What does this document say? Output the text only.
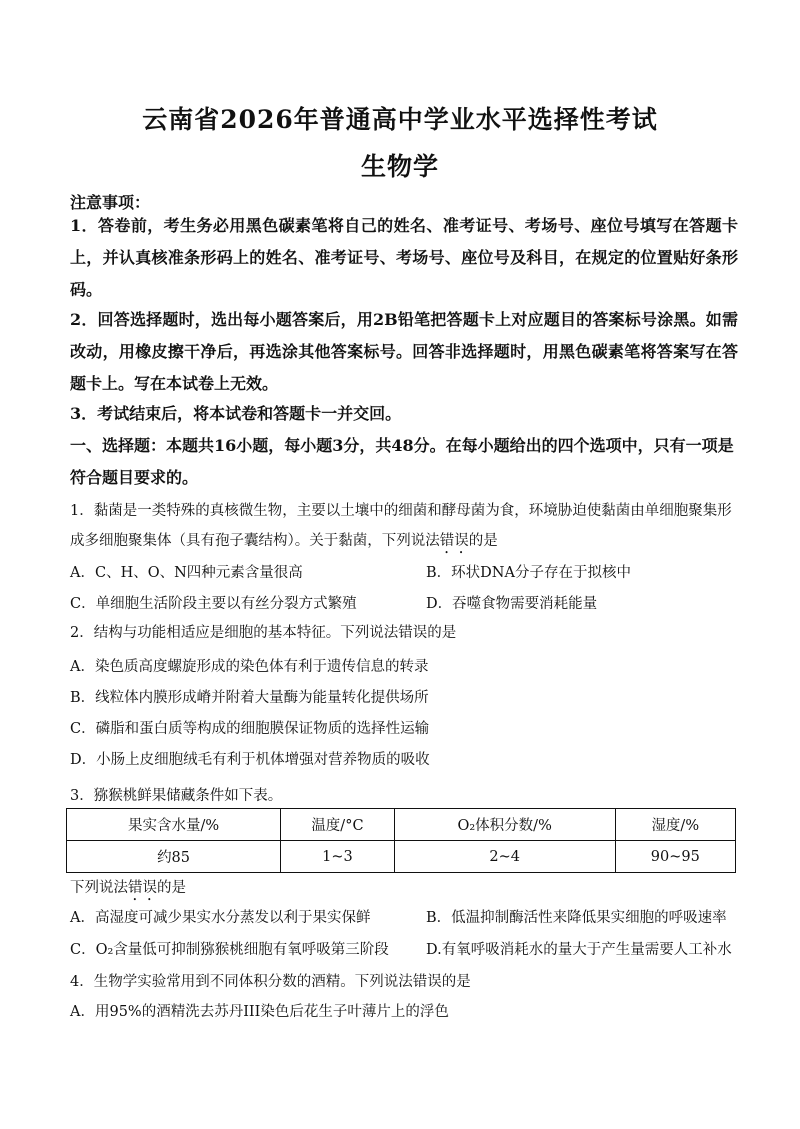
云南省2026年普通高中学业水平选择性考试
生物学

注意事项：

1．答卷前，考生务必用黑色碳素笔将自己的姓名、准考证号、考场号、座位号填写在答题卡上，并认真核准条形码上的姓名、准考证号、考场号、座位号及科目，在规定的位置贴好条形码。

2．回答选择题时，选出每小题答案后，用2B铅笔把答题卡上对应题目的答案标号涂黑。如需改动，用橡皮擦干净后，再选涂其他答案标号。回答非选择题时，用黑色碳素笔将答案写在答题卡上。写在本试卷上无效。

3．考试结束后，将本试卷和答题卡一并交回。

一、选择题：本题共16小题，每小题3分，共48分。在每小题给出的四个选项中，只有一项是符合题目要求的。

1．黏菌是一类特殊的真核微生物，主要以土壤中的细菌和酵母菌为食，环境胁迫使黏菌由单细胞聚集形成多细胞聚集体（具有孢子囊结构）。关于黏菌，下列说法错误的是

A．C、H、O、N四种元素含量很高	B．环状DNA分子存在于拟核中

C．单细胞生活阶段主要以有丝分裂方式繁殖	D．吞噬食物需要消耗能量

2．结构与功能相适应是细胞的基本特征。下列说法错误的是

A．染色质高度螺旋形成的染色体有利于遗传信息的转录

B．线粒体内膜形成嵴并附着大量酶为能量转化提供场所

C．磷脂和蛋白质等构成的细胞膜保证物质的选择性运输

D．小肠上皮细胞绒毛有利于机体增强对营养物质的吸收

3．猕猴桃鲜果储藏条件如下表。

果实含水量/%	温度/°C	O₂体积分数/%	湿度/%
约85	1~3	2~4	90~95

下列说法错误的是

A．高湿度可减少果实水分蒸发以利于果实保鲜	B．低温抑制酶活性来降低果实细胞的呼吸速率

C．O₂含量低可抑制猕猴桃细胞有氧呼吸第三阶段	D.有氧呼吸消耗水的量大于产生量需要人工补水

4．生物学实验常用到不同体积分数的酒精。下列说法错误的是

A．用95%的酒精洗去苏丹III染色后花生子叶薄片上的浮色
